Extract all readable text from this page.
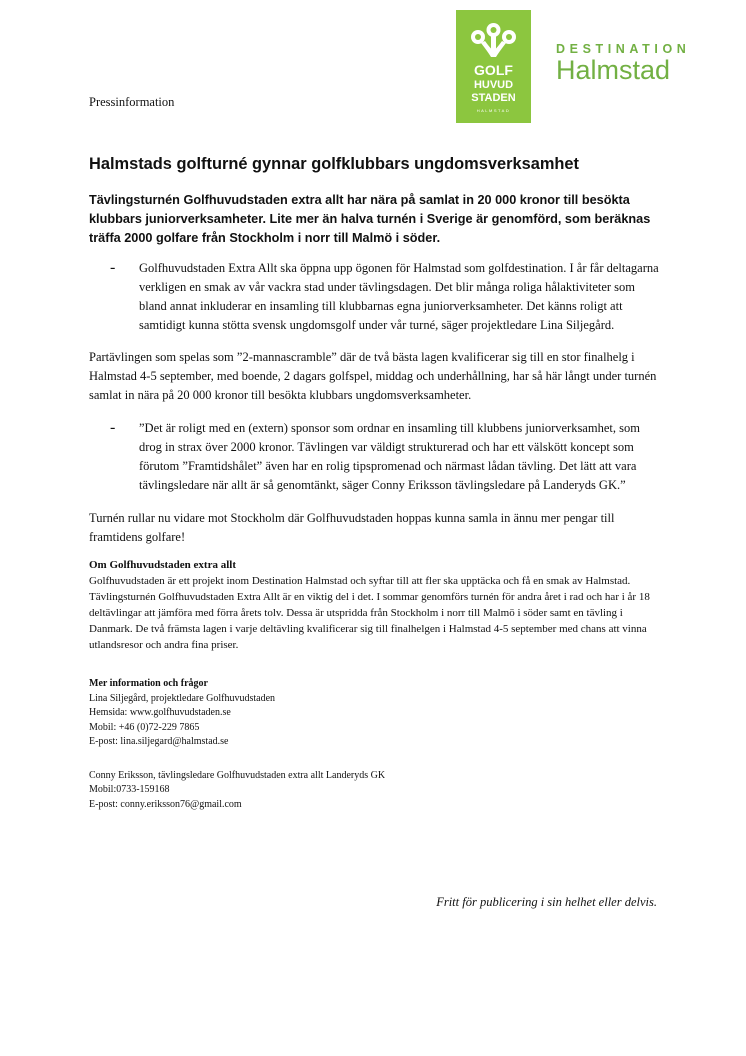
GOLF
HUVUD
STADEN
HALMSTAD
DESTINATION
Halmstad
Pressinformation
Halmstads golfturné gynnar golfklubbars ungdomsverksamhet

Tävlingsturnén Golfhuvudstaden extra allt har nära på samlat in 20 000 kronor till besökta klubbars juniorverksamheter. Lite mer än halva turnén i Sverige är genomförd, som beräknas träffa 2000 golfare från Stockholm i norr till Malmö i söder.

- Golfhuvudstaden Extra Allt ska öppna upp ögonen för Halmstad som golfdestination. I år får deltagarna verkligen en smak av vår vackra stad under tävlingsdagen. Det blir många roliga hålaktiviteter som bland annat inkluderar en insamling till klubbarnas egna juniorverksamheter. Det känns roligt att samtidigt kunna stötta svensk ungdomsgolf under vår turné, säger projektledare Lina Siljegård.

Partävlingen som spelas som ”2-mannascramble” där de två bästa lagen kvalificerar sig till en stor finalhelg i Halmstad 4-5 september, med boende, 2 dagars golfspel, middag och underhållning, har så här långt under turnén samlat in nära på 20 000 kronor till besökta klubbars ungdomsverksamheter.

- ”Det är roligt med en (extern) sponsor som ordnar en insamling till klubbens juniorverksamhet, som drog in strax över 2000 kronor. Tävlingen var väldigt strukturerad och har ett välskött koncept som förutom ”Framtidshålet” även har en rolig tipspromenad och närmast lådan tävling. Det lätt att vara tävlingsledare när allt är så genomtänkt, säger Conny Eriksson tävlingsledare på Landeryds GK.”

Turnén rullar nu vidare mot Stockholm där Golfhuvudstaden hoppas kunna samla in ännu mer pengar till framtidens golfare!

Om Golfhuvudstaden extra allt

Golfhuvudstaden är ett projekt inom Destination Halmstad och syftar till att fler ska upptäcka och få en smak av Halmstad. Tävlingsturnén Golfhuvudstaden Extra Allt är en viktig del i det. I sommar genomförs turnén för andra året i rad och har i år 18 deltävlingar att jämföra med förra årets tolv. Dessa är utspridda från Stockholm i norr till Malmö i söder samt en tävling i Danmark. De två främsta lagen i varje deltävling kvalificerar sig till finalhelgen i Halmstad 4-5 september med chans att vinna utlandsresor och andra fina priser.

Mer information och frågor
Lina Siljegård, projektledare Golfhuvudstaden
Hemsida: www.golfhuvudstaden.se
Mobil: +46 (0)72-229 7865
E-post: lina.siljegard@halmstad.se
Conny Eriksson, tävlingsledare Golfhuvudstaden extra allt Landeryds GK
Mobil:0733-159168
E-post: conny.eriksson76@gmail.com
Fritt för publicering i sin helhet eller delvis.
